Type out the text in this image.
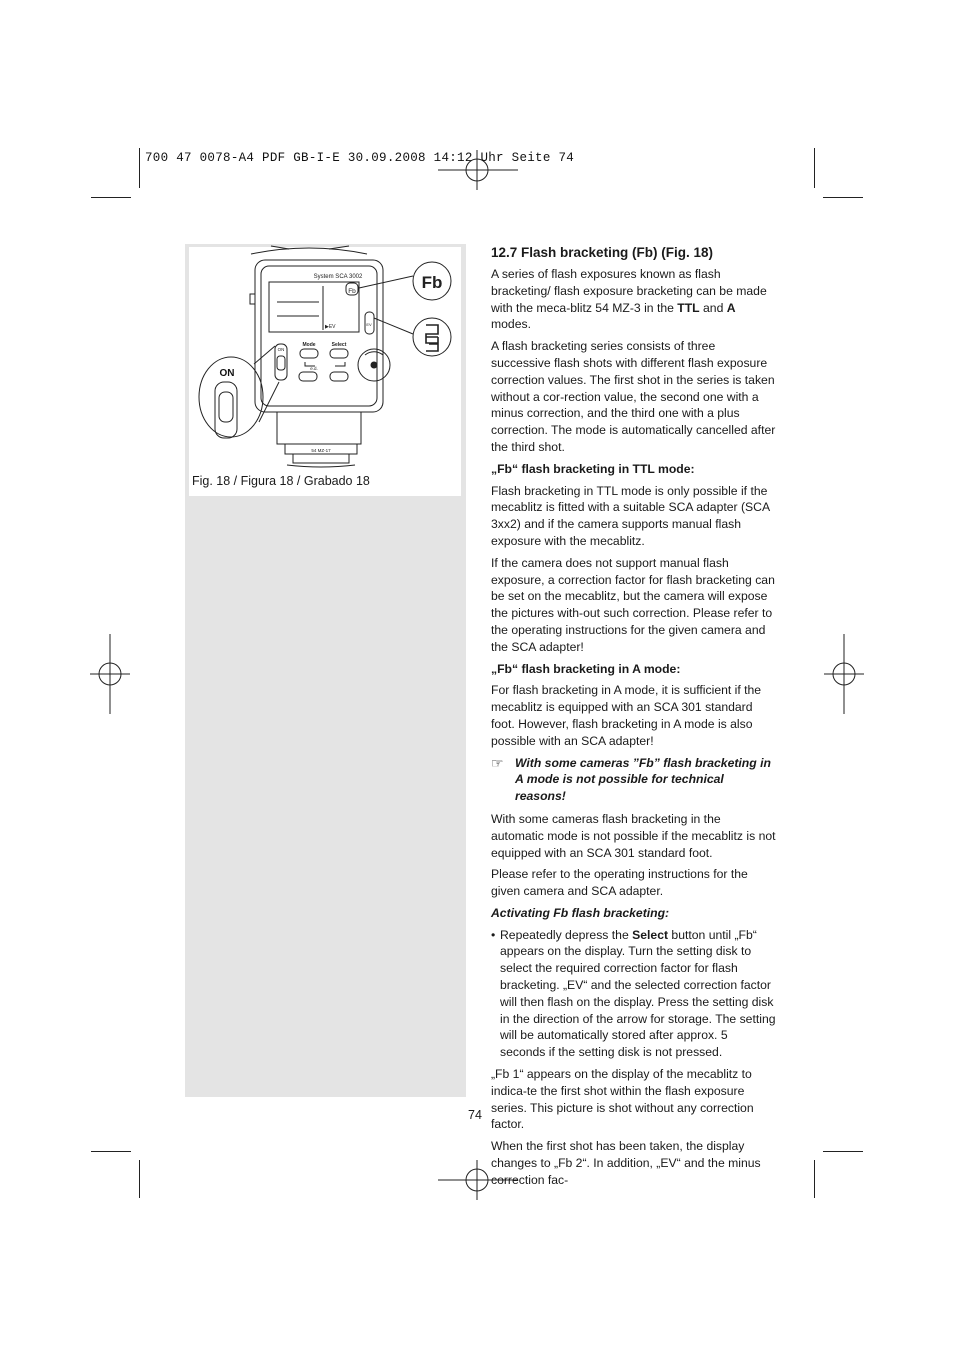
700 47 0078-A4 PDF GB-I-E 30.09.2008 14:12 Uhr Seite 74
System SCA 3002
Fb
▶EV	EV
ON
Mode	Select
e.d.
54 MZ-17
Fb
ON
Fig. 18 / Figura 18 / Grabado 18

12.7 Flash bracketing (Fb) (Fig. 18)

A series of flash exposures known as flash bracketing/ flash exposure bracketing can be made with the meca-blitz 54 MZ-3 in the TTL and A modes.

A flash bracketing series consists of three successive flash shots with different flash exposure correction values. The first shot in the series is taken without a cor-rection value, the second one with a minus correction, and the third one with a plus correction. The mode is automatically cancelled after the third shot.

„Fb“ flash bracketing in TTL mode:

Flash bracketing in TTL mode is only possible if the mecablitz is fitted with a suitable SCA adapter (SCA 3xx2) and if the camera supports manual flash exposure with the mecablitz.

If the camera does not support manual flash exposure, a correction factor for flash bracketing can be set on the mecablitz, but the camera will expose the pictures with-out such correction. Please refer to the operating instructions for the given camera and the SCA adapter!

„Fb“ flash bracketing in A mode:

For flash bracketing in A mode, it is sufficient if the mecablitz is equipped with an SCA 301 standard foot. However, flash bracketing in A mode is also possible with an SCA adapter!

☞ With some cameras ”Fb” flash bracketing in A mode is not possible for technical reasons!

With some cameras flash bracketing in the automatic mode is not possible if the mecablitz is not equipped with an SCA 301 standard foot.

Please refer to the operating instructions for the given camera and SCA adapter.

Activating Fb flash bracketing:

• Repeatedly depress the Select button until „Fb“ appears on the display. Turn the setting disk to select the required correction factor for flash bracketing. „EV“ and the selected correction factor will then flash on the display. Press the setting disk in the direction of the arrow for storage. The setting will be automatically stored after approx. 5 seconds if the setting disk is not pressed.

„Fb 1“ appears on the display of the mecablitz to indica-te the first shot within the flash exposure series. This picture is shot without any correction factor.

When the first shot has been taken, the display changes to „Fb 2“. In addition, „EV“ and the minus correction fac-

74
